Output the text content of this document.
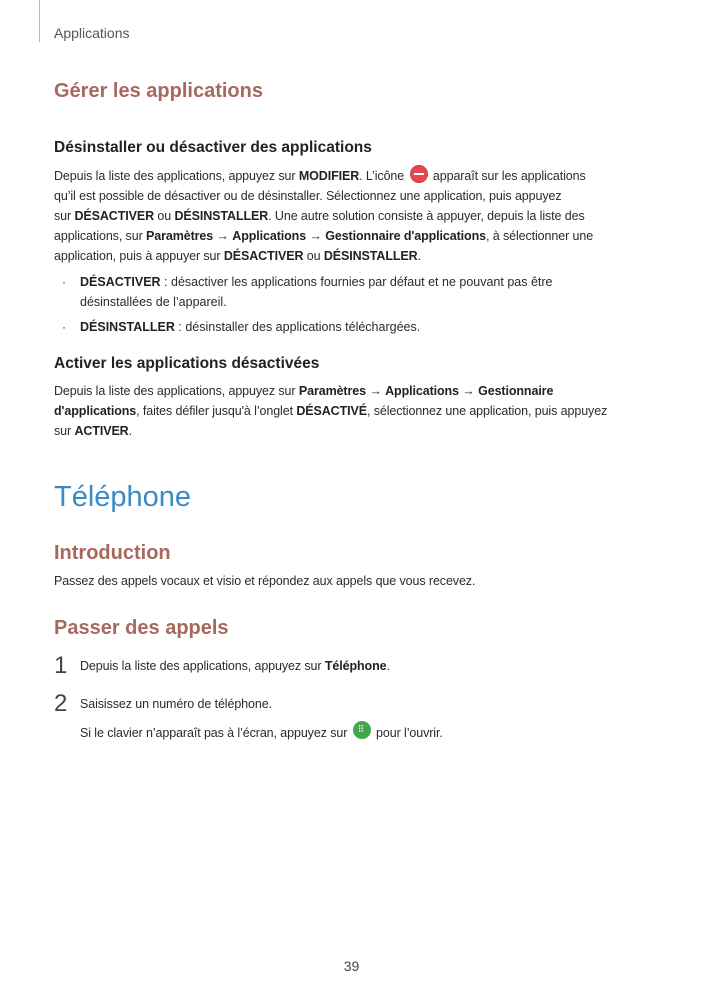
Applications
Gérer les applications
Désinstaller ou désactiver des applications

Depuis la liste des applications, appuyez sur MODIFIER. L’icône  apparaît sur les applications

qu’il est possible de désactiver ou de désinstaller. Sélectionnez une application, puis appuyez

sur DÉSACTIVER ou DÉSINSTALLER. Une autre solution consiste à appuyer, depuis la liste des

applications, sur Paramètres → Applications → Gestionnaire d'applications, à sélectionner une

application, puis à appuyer sur DÉSACTIVER ou DÉSINSTALLER.

· DÉSACTIVER : désactiver les applications fournies par défaut et ne pouvant pas être
désinstallées de l’appareil.
· DÉSINSTALLER : désinstaller des applications téléchargées.
Activer les applications désactivées

Depuis la liste des applications, appuyez sur Paramètres → Applications → Gestionnaire

d'applications, faites défiler jusqu'à l’onglet DÉSACTIVÉ, sélectionnez une application, puis appuyez

sur ACTIVER.

Téléphone
Introduction

Passez des appels vocaux et visio et répondez aux appels que vous recevez.

Passer des appels
1 Depuis la liste des applications, appuyez sur Téléphone.

2 Saisissez un numéro de téléphone.

Si le clavier n’apparaît pas à l’écran, appuyez sur ⠿ pour l’ouvrir.

39
